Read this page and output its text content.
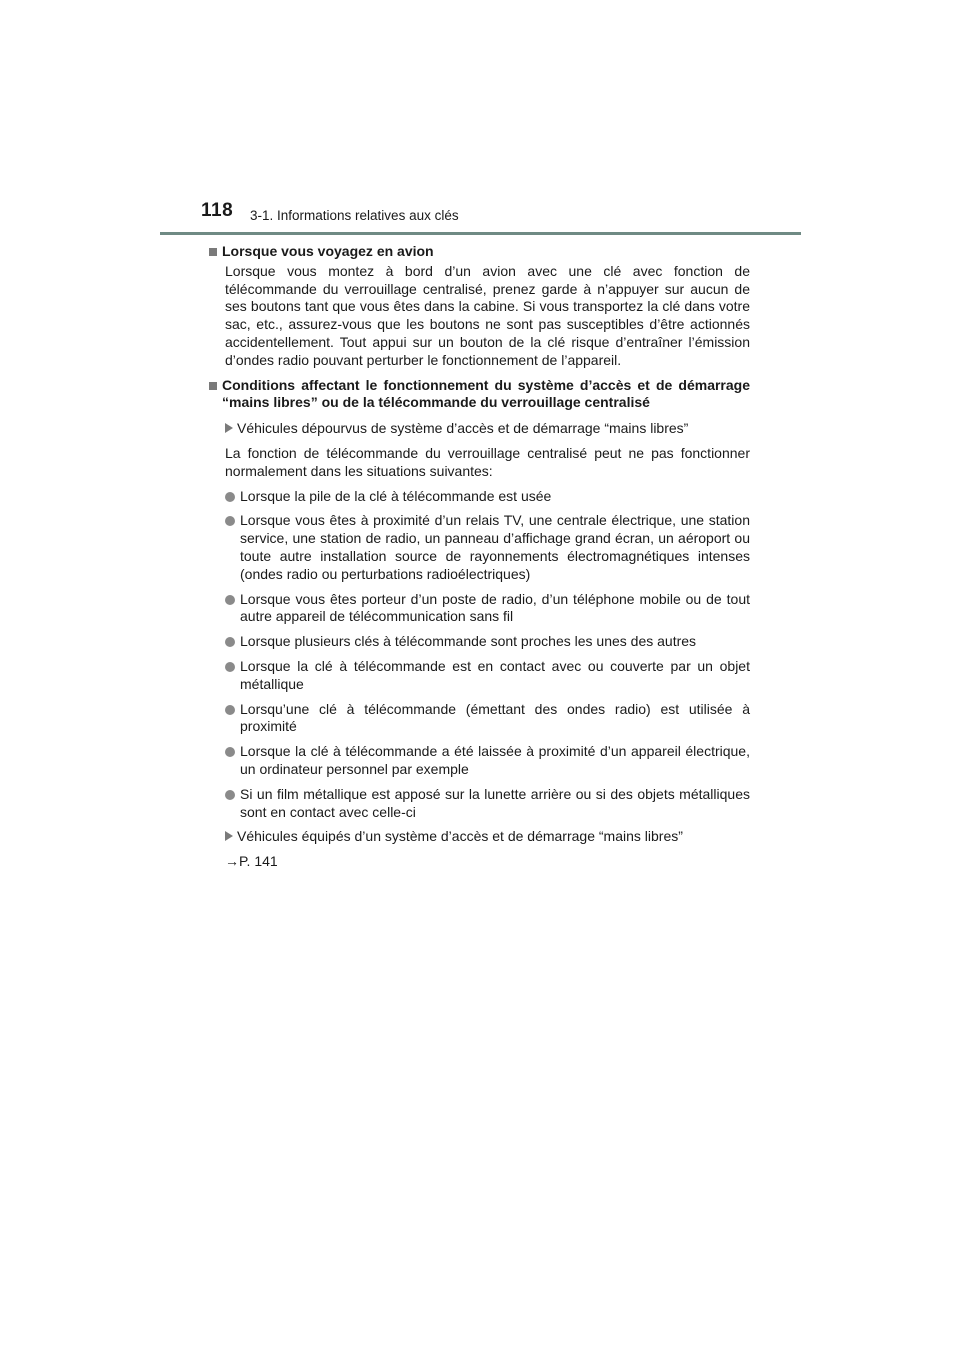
118 3-1. Informations relatives aux clés
Lorsque vous voyagez en avion
Lorsque vous montez à bord d’un avion avec une clé avec fonction de télécommande du verrouillage centralisé, prenez garde à n’appuyer sur aucun de ses boutons tant que vous êtes dans la cabine. Si vous transportez la clé dans votre sac, etc., assurez-vous que les boutons ne sont pas susceptibles d’être actionnés accidentellement. Tout appui sur un bouton de la clé risque d’entraîner l’émission d’ondes radio pouvant perturber le fonctionnement de l’appareil.
Conditions affectant le fonctionnement du système d’accès et de démarrage “mains libres” ou de la télécommande du verrouillage centralisé
Véhicules dépourvus de système d’accès et de démarrage “mains libres”
La fonction de télécommande du verrouillage centralisé peut ne pas fonctionner normalement dans les situations suivantes:
Lorsque la pile de la clé à télécommande est usée
Lorsque vous êtes à proximité d’un relais TV, une centrale électrique, une station service, une station de radio, un panneau d’affichage grand écran, un aéroport ou toute autre installation source de rayonnements électromagnétiques intenses (ondes radio ou perturbations radioélectriques)
Lorsque vous êtes porteur d’un poste de radio, d’un téléphone mobile ou de tout autre appareil de télécommunication sans fil
Lorsque plusieurs clés à télécommande sont proches les unes des autres
Lorsque la clé à télécommande est en contact avec ou couverte par un objet métallique
Lorsqu’une clé à télécommande (émettant des ondes radio) est utilisée à proximité
Lorsque la clé à télécommande a été laissée à proximité d’un appareil électrique, un ordinateur personnel par exemple
Si un film métallique est apposé sur la lunette arrière ou si des objets métalliques sont en contact avec celle-ci
Véhicules équipés d’un système d’accès et de démarrage “mains libres”
→P. 141
